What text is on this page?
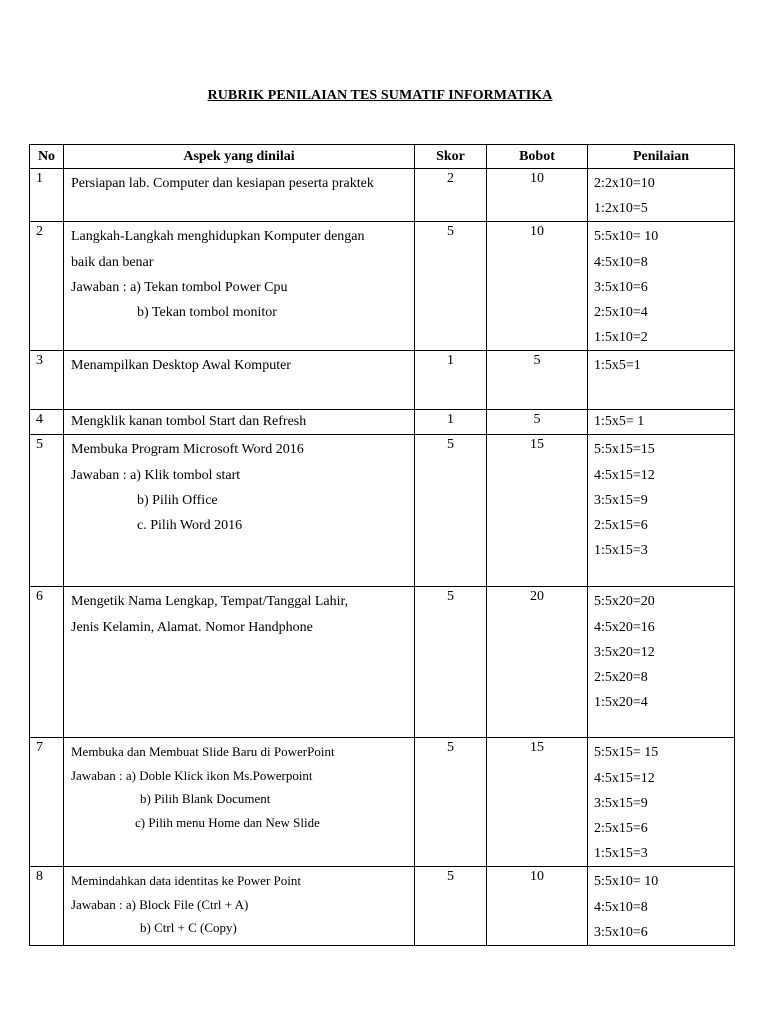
RUBRIK PENILAIAN TES SUMATIF INFORMATIKA
No	Aspek yang dinilai	Skor	Bobot	Penilaian
1	Persiapan lab. Computer dan kesiapan peserta praktek	2	10	2:2x10=10
1:2x10=5

2	Langkah-Langkah menghidupkan Komputer dengan
baik dan benar
Jawaban : a) Tekan tombol Power Cpu
b) Tekan tombol monitor	5	10	5:5x10= 10
4:5x10=8
3:5x10=6
2:5x10=4
1:5x10=2

3	Menampilkan Desktop Awal Komputer	1	5	1:5x5=1

4	Mengklik kanan tombol Start dan Refresh	1	5	1:5x5= 1

5	Membuka Program Microsoft Word 2016
Jawaban : a) Klik tombol start
b) Pilih Office
c. Pilih Word 2016	5	15	5:5x15=15
4:5x15=12
3:5x15=9
2:5x15=6
1:5x15=3

6	Mengetik Nama Lengkap, Tempat/Tanggal Lahir,
Jenis Kelamin, Alamat. Nomor Handphone	5	20	5:5x20=20
4:5x20=16
3:5x20=12
2:5x20=8
1:5x20=4

7	Membuka dan Membuat Slide Baru di PowerPoint
Jawaban : a) Doble Klick ikon Ms.Powerpoint
b) Pilih Blank Document
c) Pilih menu Home dan New Slide	5	15	5:5x15= 15
4:5x15=12
3:5x15=9
2:5x15=6
1:5x15=3

8	Memindahkan data identitas ke Power Point
Jawaban : a) Block File (Ctrl + A)
b) Ctrl + C (Copy)	5	10	5:5x10= 10
4:5x10=8
3:5x10=6
